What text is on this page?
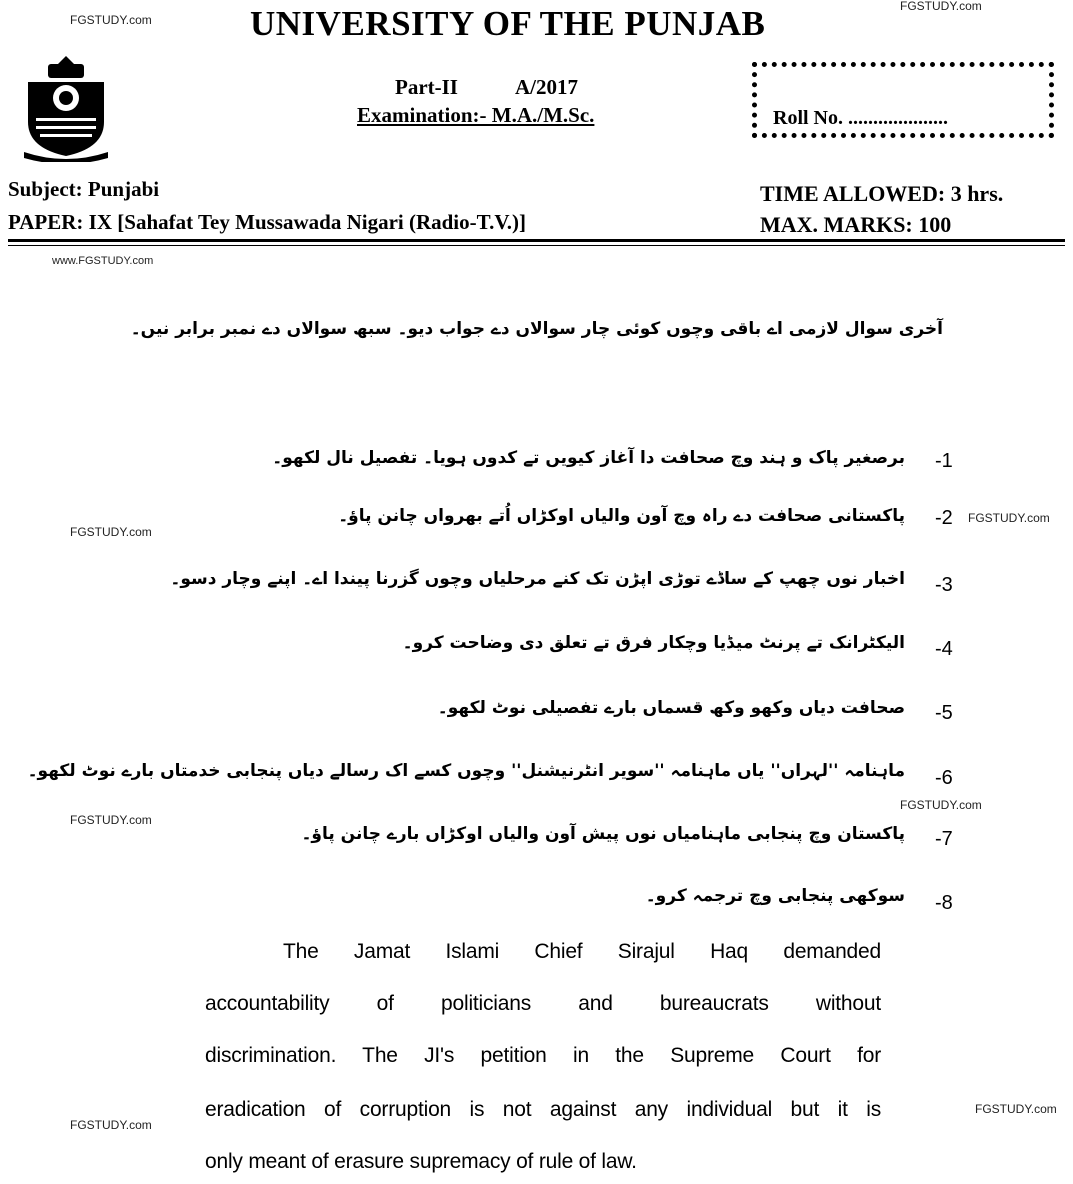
FGSTUDY.com
FGSTUDY.com
www.FGSTUDY.com
FGSTUDY.com
FGSTUDY.com
FGSTUDY.com
FGSTUDY.com
FGSTUDY.com
FGSTUDY.com
UNIVERSITY OF THE PUNJAB
Part-II	A/2017
Examination:- M.A./M.Sc.	Roll No. ....................
Subject: Punjabi
PAPER: IX [Sahafat Tey Mussawada Nigari (Radio-T.V.)]
TIME ALLOWED: 3 hrs.
MAX. MARKS: 100
آخری سوال لازمی اے باقی وچوں کوئی چار سوالاں دے جواب دیو۔ سبھ سوالاں دے نمبر برابر نیں۔
-1
برصغیر پاک و ہند وچ صحافت دا آغاز کیویں تے کدوں ہویا۔ تفصیل نال لکھو۔
-2
پاکستانی صحافت دے راہ وچ آون والیاں اوکڑاں اُتے بھرواں چانن پاؤ۔
-3
اخبار نوں چھپ کے ساڈے توڑی اپڑن تک کنے مرحلیاں وچوں گزرنا پیندا اے۔ اپنے وچار دسو۔
-4
الیکٹرانک تے پرنٹ میڈیا وچکار فرق تے تعلق دی وضاحت کرو۔
-5
صحافت دیاں وکھو وکھ قسماں بارے تفصیلی نوٹ لکھو۔
-6
ماہنامہ ''لہراں'' یاں ماہنامہ ''سویر انٹرنیشنل'' وچوں کسے اک رسالے دیاں پنجابی خدمتاں بارے نوٹ لکھو۔
-7
پاکستان وچ پنجابی ماہنامیاں نوں پیش آون والیاں اوکڑاں بارے چانن پاؤ۔
-8
سوکھی پنجابی وچ ترجمہ کرو۔
The Jamat Islami Chief Sirajul Haq demanded
accountability of politicians and bureaucrats without
discrimination. The JI's petition in the Supreme Court for
eradication of corruption is not against any individual but it is
only meant of erasure supremacy of rule of law.
